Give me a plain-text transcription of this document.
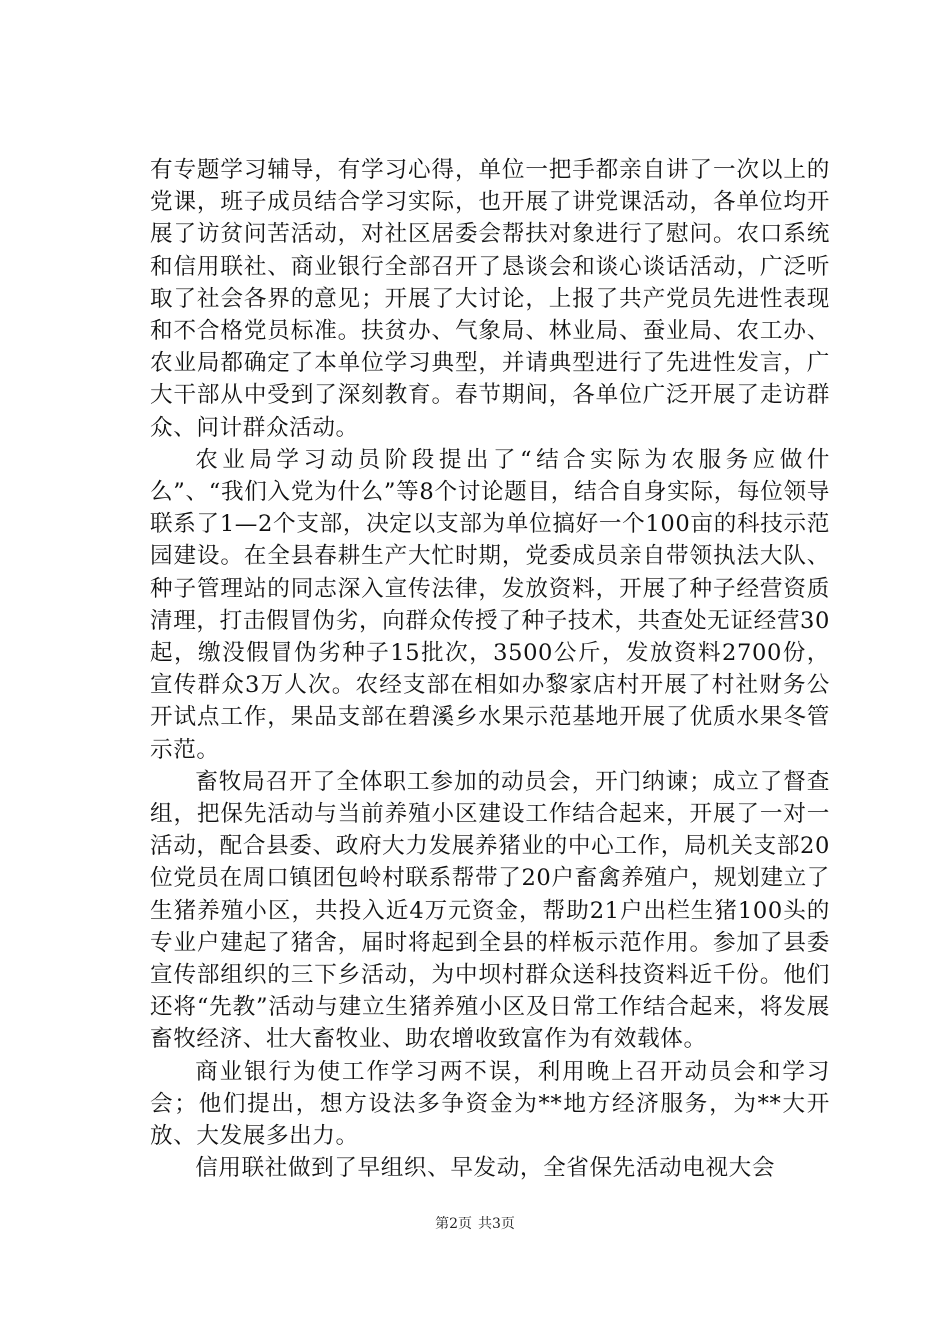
有专题学习辅导，有学习心得，单位一把手都亲自讲了一次以上的党课，班子成员结合学习实际，也开展了讲党课活动，各单位均开展了访贫问苦活动，对社区居委会帮扶对象进行了慰问。农口系统和信用联社、商业银行全部召开了恳谈会和谈心谈话活动，广泛听取了社会各界的意见；开展了大讨论，上报了共产党员先进性表现和不合格党员标准。扶贫办、气象局、林业局、蚕业局、农工办、农业局都确定了本单位学习典型，并请典型进行了先进性发言，广大干部从中受到了深刻教育。春节期间，各单位广泛开展了走访群众、问计群众活动。

农业局学习动员阶段提出了“结合实际为农服务应做什么”、“我们入党为什么”等8个讨论题目，结合自身实际，每位领导联系了1—2个支部，决定以支部为单位搞好一个100亩的科技示范园建设。在全县春耕生产大忙时期，党委成员亲自带领执法大队、种子管理站的同志深入宣传法律，发放资料，开展了种子经营资质清理，打击假冒伪劣，向群众传授了种子技术，共查处无证经营30起，缴没假冒伪劣种子15批次，3500公斤，发放资料2700份，宣传群众3万人次。农经支部在相如办黎家店村开展了村社财务公开试点工作，果品支部在碧溪乡水果示范基地开展了优质水果冬管示范。

畜牧局召开了全体职工参加的动员会，开门纳谏；成立了督查组，把保先活动与当前养殖小区建设工作结合起来，开展了一对一活动，配合县委、政府大力发展养猪业的中心工作，局机关支部20位党员在周口镇团包岭村联系帮带了20户畜禽养殖户，规划建立了生猪养殖小区，共投入近4万元资金，帮助21户出栏生猪100头的专业户建起了猪舍，届时将起到全县的样板示范作用。参加了县委宣传部组织的三下乡活动，为中坝村群众送科技资料近千份。他们还将“先教”活动与建立生猪养殖小区及日常工作结合起来，将发展畜牧经济、壮大畜牧业、助农增收致富作为有效载体。

商业银行为使工作学习两不误，利用晚上召开动员会和学习会；他们提出，想方设法多争资金为**地方经济服务，为**大开放、大发展多出力。

信用联社做到了早组织、早发动，全省保先活动电视大会

第2页 共3页
